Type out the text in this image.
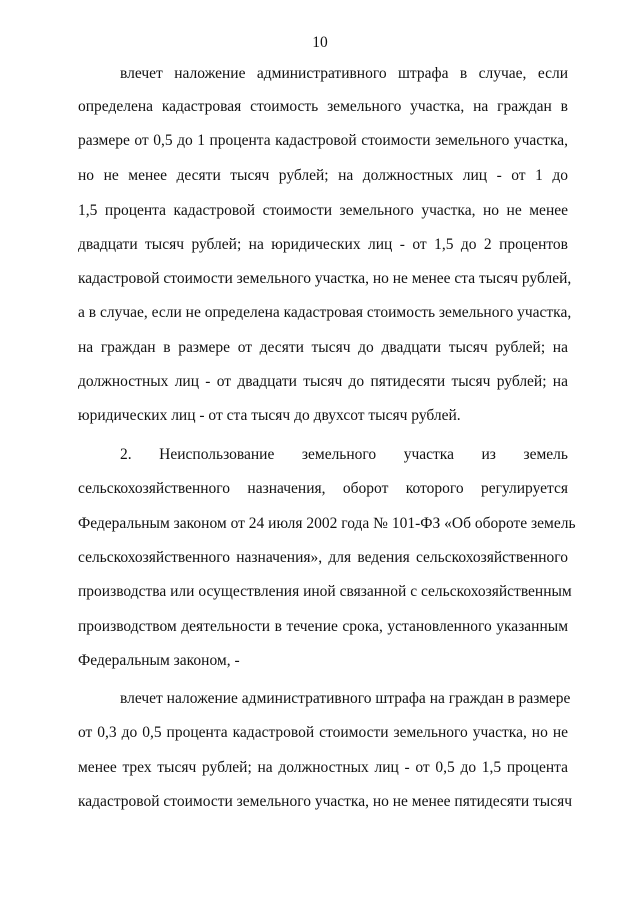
10
влечет наложение административного штрафа в случае, если
определена кадастровая стоимость земельного участка, на граждан в
размере от 0,5 до 1 процента кадастровой стоимости земельного участка,
но не менее десяти тысяч рублей; на должностных лиц - от 1 до
1,5 процента кадастровой стоимости земельного участка, но не менее
двадцати тысяч рублей; на юридических лиц - от 1,5 до 2 процентов
кадастровой стоимости земельного участка, но не менее ста тысяч рублей,
а в случае, если не определена кадастровая стоимость земельного участка,
на граждан в размере от десяти тысяч до двадцати тысяч рублей; на
должностных лиц - от двадцати тысяч до пятидесяти тысяч рублей; на
юридических лиц - от ста тысяч до двухсот тысяч рублей.
2. Неиспользование земельного участка из земель
сельскохозяйственного назначения, оборот которого регулируется
Федеральным законом от 24 июля 2002 года № 101-ФЗ «Об обороте земель
сельскохозяйственного назначения», для ведения сельскохозяйственного
производства или осуществления иной связанной с сельскохозяйственным
производством деятельности в течение срока, установленного указанным
Федеральным законом, -
влечет наложение административного штрафа на граждан в размере
от 0,3 до 0,5 процента кадастровой стоимости земельного участка, но не
менее трех тысяч рублей; на должностных лиц - от 0,5 до 1,5 процента
кадастровой стоимости земельного участка, но не менее пятидесяти тысяч
